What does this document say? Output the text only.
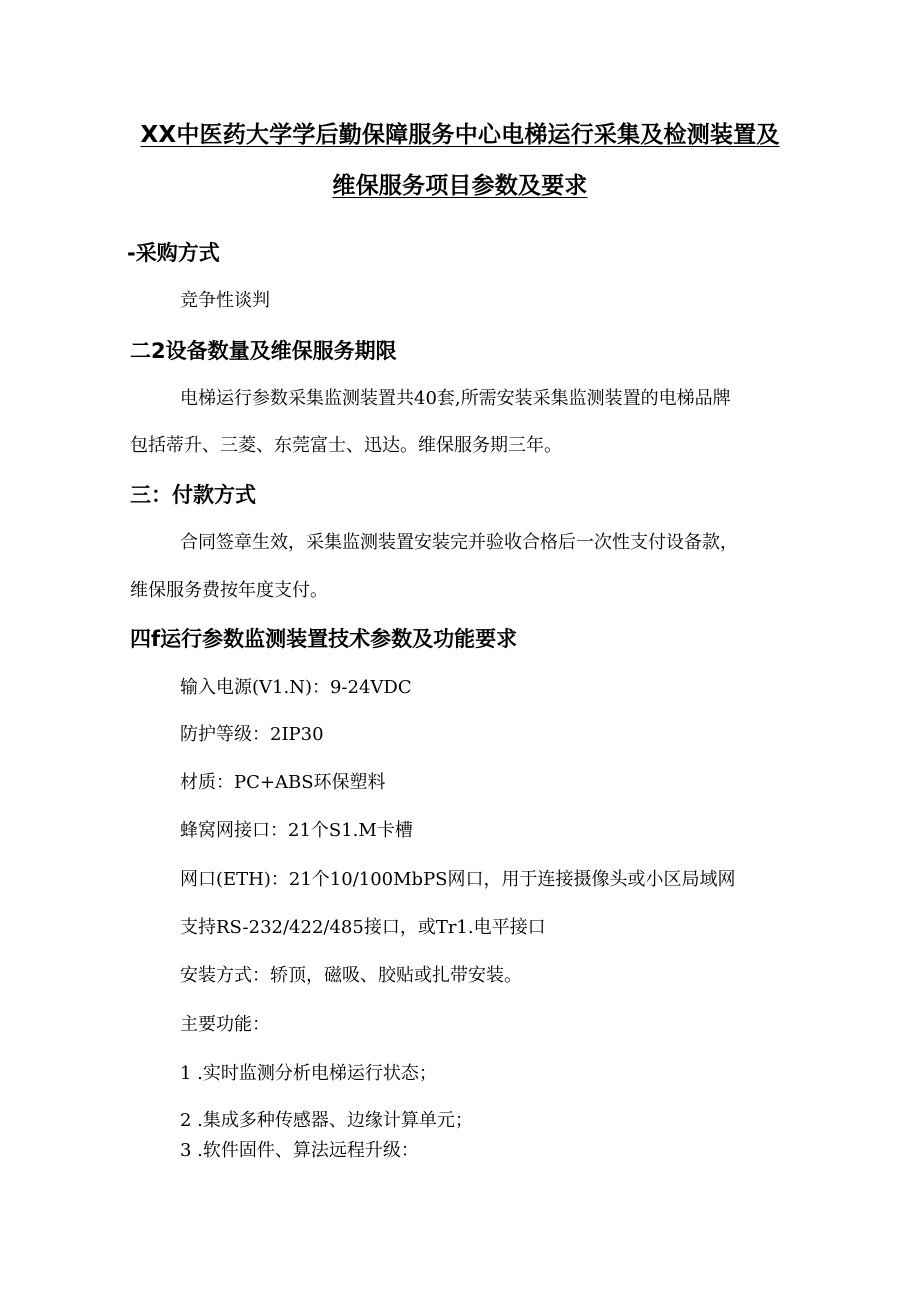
XX中医药大学学后勤保障服务中心电梯运行采集及检测装置及
维保服务项目参数及要求
-采购方式
竞争性谈判
二2设备数量及维保服务期限
电梯运行参数采集监测装置共40套,所需安装采集监测装置的电梯品牌
包括蒂升、三菱、东莞富士、迅达。维保服务期三年。
三：付款方式
合同签章生效，采集监测装置安装完并验收合格后一次性支付设备款，
维保服务费按年度支付。
四f运行参数监测装置技术参数及功能要求
输入电源(V1.N)：9-24VDC
防护等级：2IP30
材质：PC+ABS环保塑料
蜂窝网接口：21个S1.M卡槽
网口(ETH)：21个10/100MbPS网口，用于连接摄像头或小区局域网
支持RS-232/422/485接口，或Tr1.电平接口
安装方式：轿顶，磁吸、胶贴或扎带安装。
主要功能：
1 .实时监测分析电梯运行状态；
2 .集成多种传感器、边缘计算单元；
3 .软件固件、算法远程升级：
